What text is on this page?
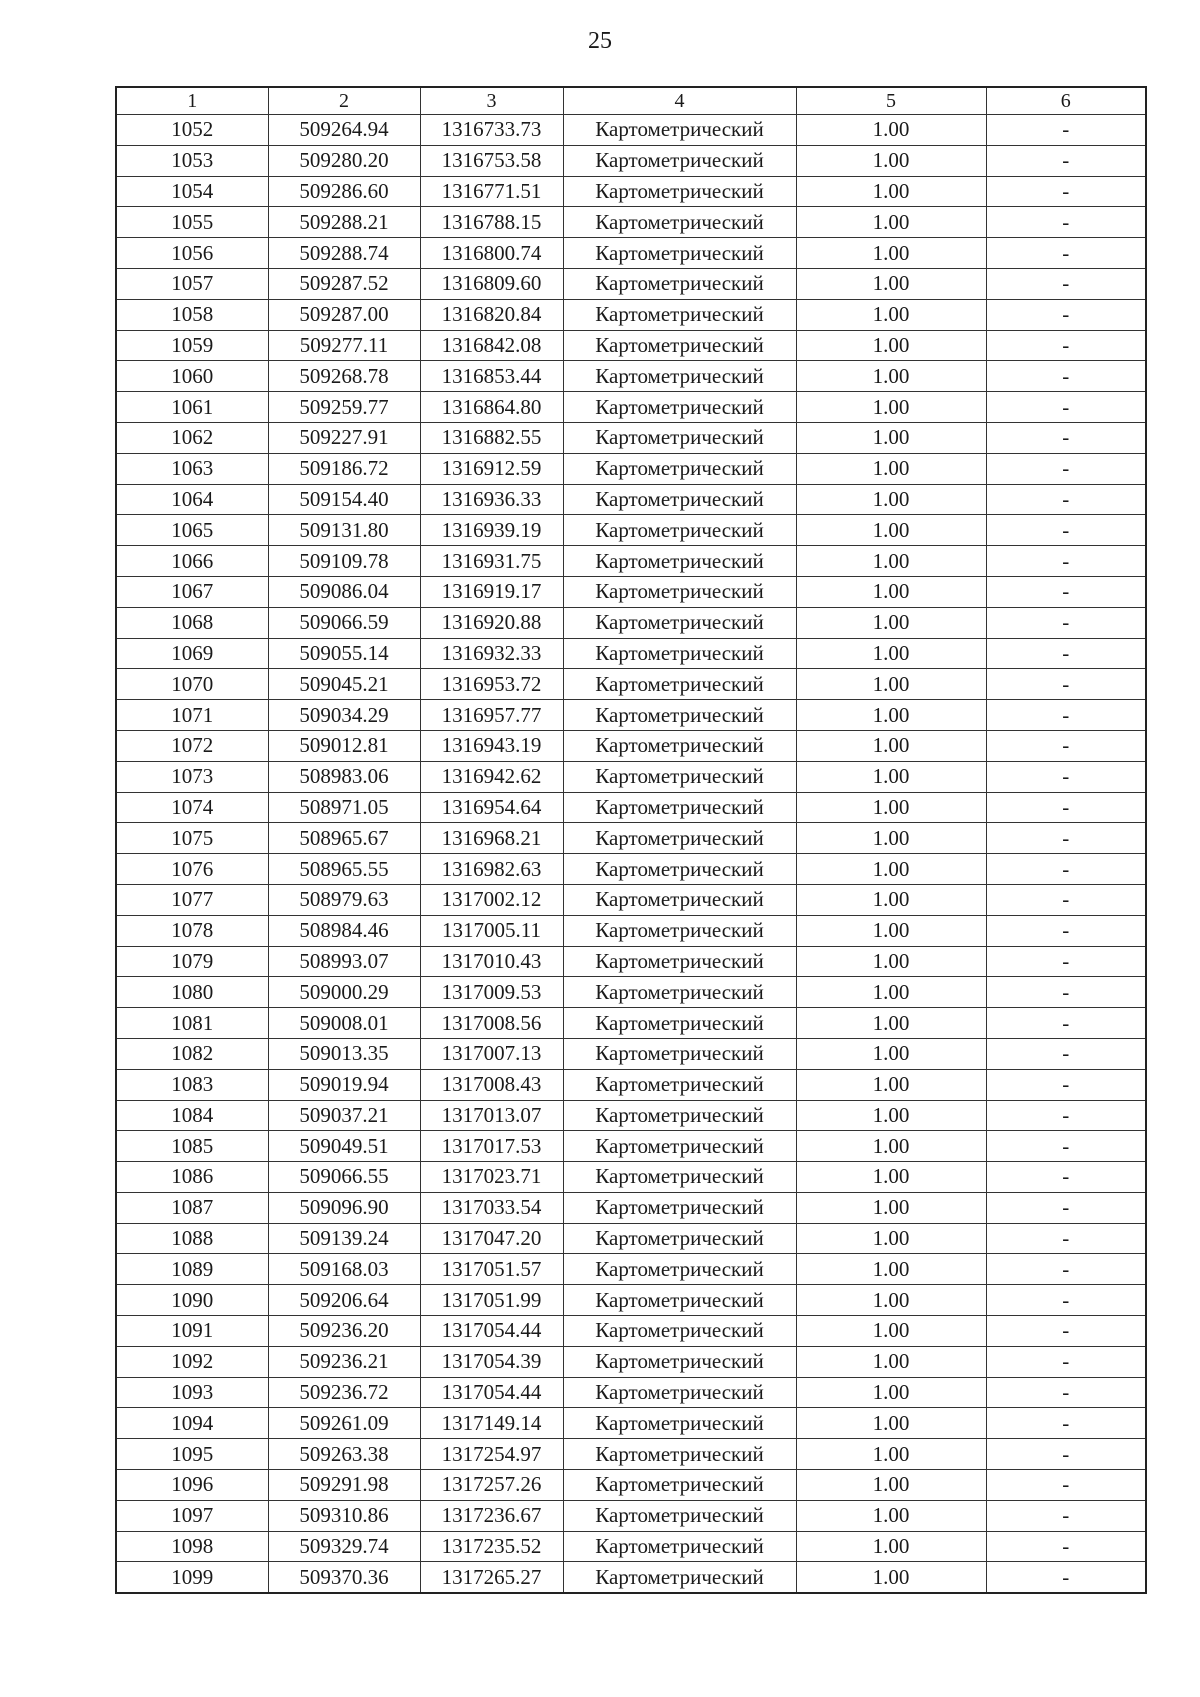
25
1	2	3	4	5	6
1052	509264.94	1316733.73	Картометрический	1.00	-
1053	509280.20	1316753.58	Картометрический	1.00	-
1054	509286.60	1316771.51	Картометрический	1.00	-
1055	509288.21	1316788.15	Картометрический	1.00	-
1056	509288.74	1316800.74	Картометрический	1.00	-
1057	509287.52	1316809.60	Картометрический	1.00	-
1058	509287.00	1316820.84	Картометрический	1.00	-
1059	509277.11	1316842.08	Картометрический	1.00	-
1060	509268.78	1316853.44	Картометрический	1.00	-
1061	509259.77	1316864.80	Картометрический	1.00	-
1062	509227.91	1316882.55	Картометрический	1.00	-
1063	509186.72	1316912.59	Картометрический	1.00	-
1064	509154.40	1316936.33	Картометрический	1.00	-
1065	509131.80	1316939.19	Картометрический	1.00	-
1066	509109.78	1316931.75	Картометрический	1.00	-
1067	509086.04	1316919.17	Картометрический	1.00	-
1068	509066.59	1316920.88	Картометрический	1.00	-
1069	509055.14	1316932.33	Картометрический	1.00	-
1070	509045.21	1316953.72	Картометрический	1.00	-
1071	509034.29	1316957.77	Картометрический	1.00	-
1072	509012.81	1316943.19	Картометрический	1.00	-
1073	508983.06	1316942.62	Картометрический	1.00	-
1074	508971.05	1316954.64	Картометрический	1.00	-
1075	508965.67	1316968.21	Картометрический	1.00	-
1076	508965.55	1316982.63	Картометрический	1.00	-
1077	508979.63	1317002.12	Картометрический	1.00	-
1078	508984.46	1317005.11	Картометрический	1.00	-
1079	508993.07	1317010.43	Картометрический	1.00	-
1080	509000.29	1317009.53	Картометрический	1.00	-
1081	509008.01	1317008.56	Картометрический	1.00	-
1082	509013.35	1317007.13	Картометрический	1.00	-
1083	509019.94	1317008.43	Картометрический	1.00	-
1084	509037.21	1317013.07	Картометрический	1.00	-
1085	509049.51	1317017.53	Картометрический	1.00	-
1086	509066.55	1317023.71	Картометрический	1.00	-
1087	509096.90	1317033.54	Картометрический	1.00	-
1088	509139.24	1317047.20	Картометрический	1.00	-
1089	509168.03	1317051.57	Картометрический	1.00	-
1090	509206.64	1317051.99	Картометрический	1.00	-
1091	509236.20	1317054.44	Картометрический	1.00	-
1092	509236.21	1317054.39	Картометрический	1.00	-
1093	509236.72	1317054.44	Картометрический	1.00	-
1094	509261.09	1317149.14	Картометрический	1.00	-
1095	509263.38	1317254.97	Картометрический	1.00	-
1096	509291.98	1317257.26	Картометрический	1.00	-
1097	509310.86	1317236.67	Картометрический	1.00	-
1098	509329.74	1317235.52	Картометрический	1.00	-
1099	509370.36	1317265.27	Картометрический	1.00	-
